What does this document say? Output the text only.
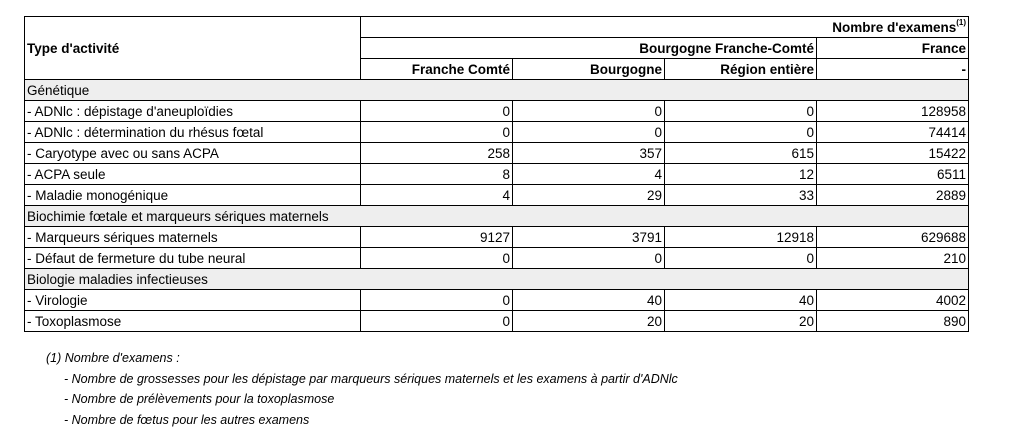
Type d'activité	Nombre d'examens$^{(1)}$
	Bourgogne Franche-Comté			France
	Franche Comté	Bourgogne	Région entière	-
Génétique				
- ADNlc : dépistage d'aneuploïdies	0	0	0	128958
- ADNlc : détermination du rhésus fœtal	0	0	0	74414
- Caryotype avec ou sans ACPA	258	357	615	15422
- ACPA seule	8	4	12	6511
- Maladie monogénique	4	29	33	2889
Biochimie fœtale et marqueurs sériques maternels				
- Marqueurs sériques maternels	9127	3791	12918	629688
- Défaut de fermeture du tube neural	0	0	0	210
Biologie maladies infectieuses				
- Virologie	0	40	40	4002
- Toxoplasmose	0	20	20	890
(1) Nombre d'examens :
- Nombre de grossesses pour les dépistage par marqueurs sériques maternels et les examens à partir d'ADNlc
- Nombre de prélèvements pour la toxoplasmose
- Nombre de fœtus pour les autres examens
